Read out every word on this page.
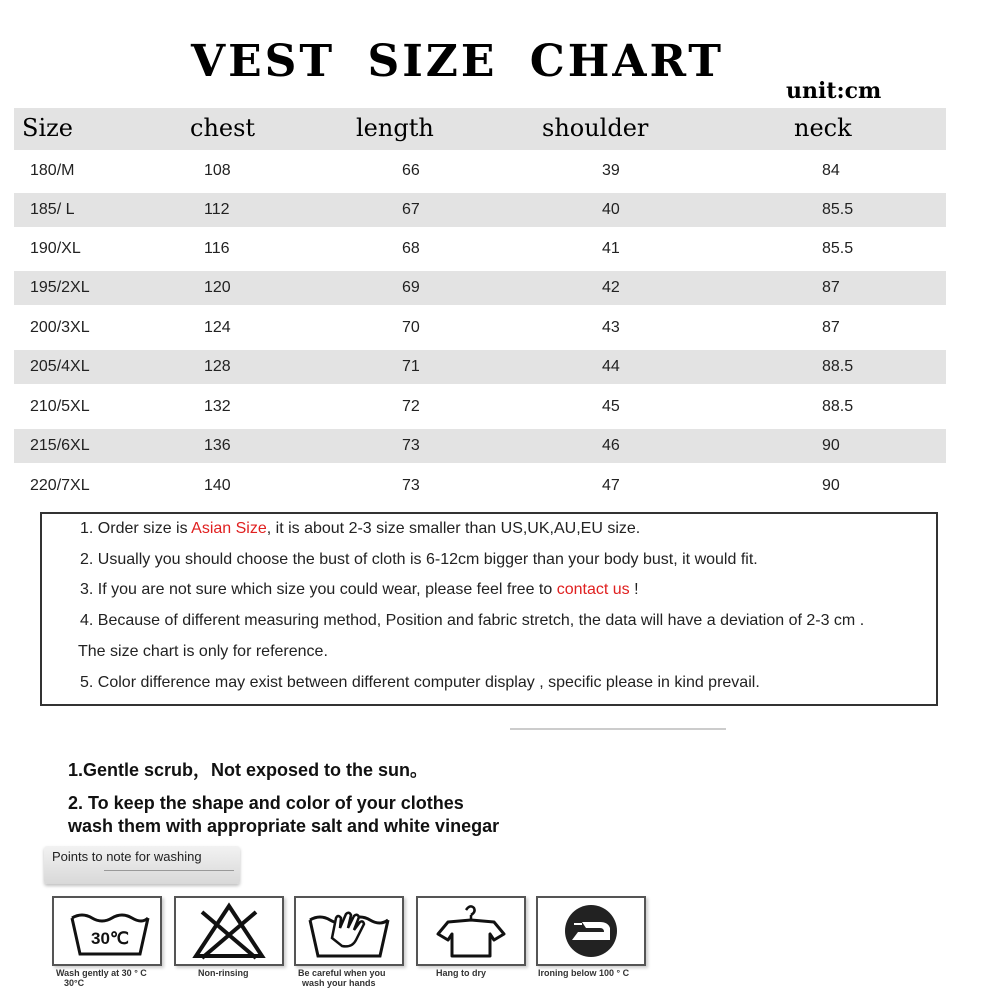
VEST SIZE CHART
unit:cm
Size	chest	length	shoulder	neck
180/M	108	66	39	84
185/ L	112	67	40	85.5
190/XL	116	68	41	85.5
195/2XL	120	69	42	87
200/3XL	124	70	43	87
205/4XL	128	71	44	88.5
210/5XL	132	72	45	88.5
215/6XL	136	73	46	90
220/7XL	140	73	47	90
1. Order size is Asian Size, it is about 2-3 size smaller than US,UK,AU,EU size.
2. Usually you should choose the bust of cloth is 6-12cm bigger than your body bust, it would fit.
3. If you are not sure which size you could wear, please feel free to contact us !
4. Because of different measuring method, Position and fabric stretch, the data will have a deviation of 2-3 cm .
The size chart is only for reference.
5. Color difference may exist between different computer display , specific please in kind prevail.
1.Gentle scrub，Not exposed to the sun。
2. To keep the shape and color of your clothes
wash them with appropriate salt and white vinegar
Points to note for washing
30℃
Wash gently at 30 ° C
30°C
Non-rinsing	Be careful when you
wash your hands
Hang to dry	Ironing below 100 ° C
